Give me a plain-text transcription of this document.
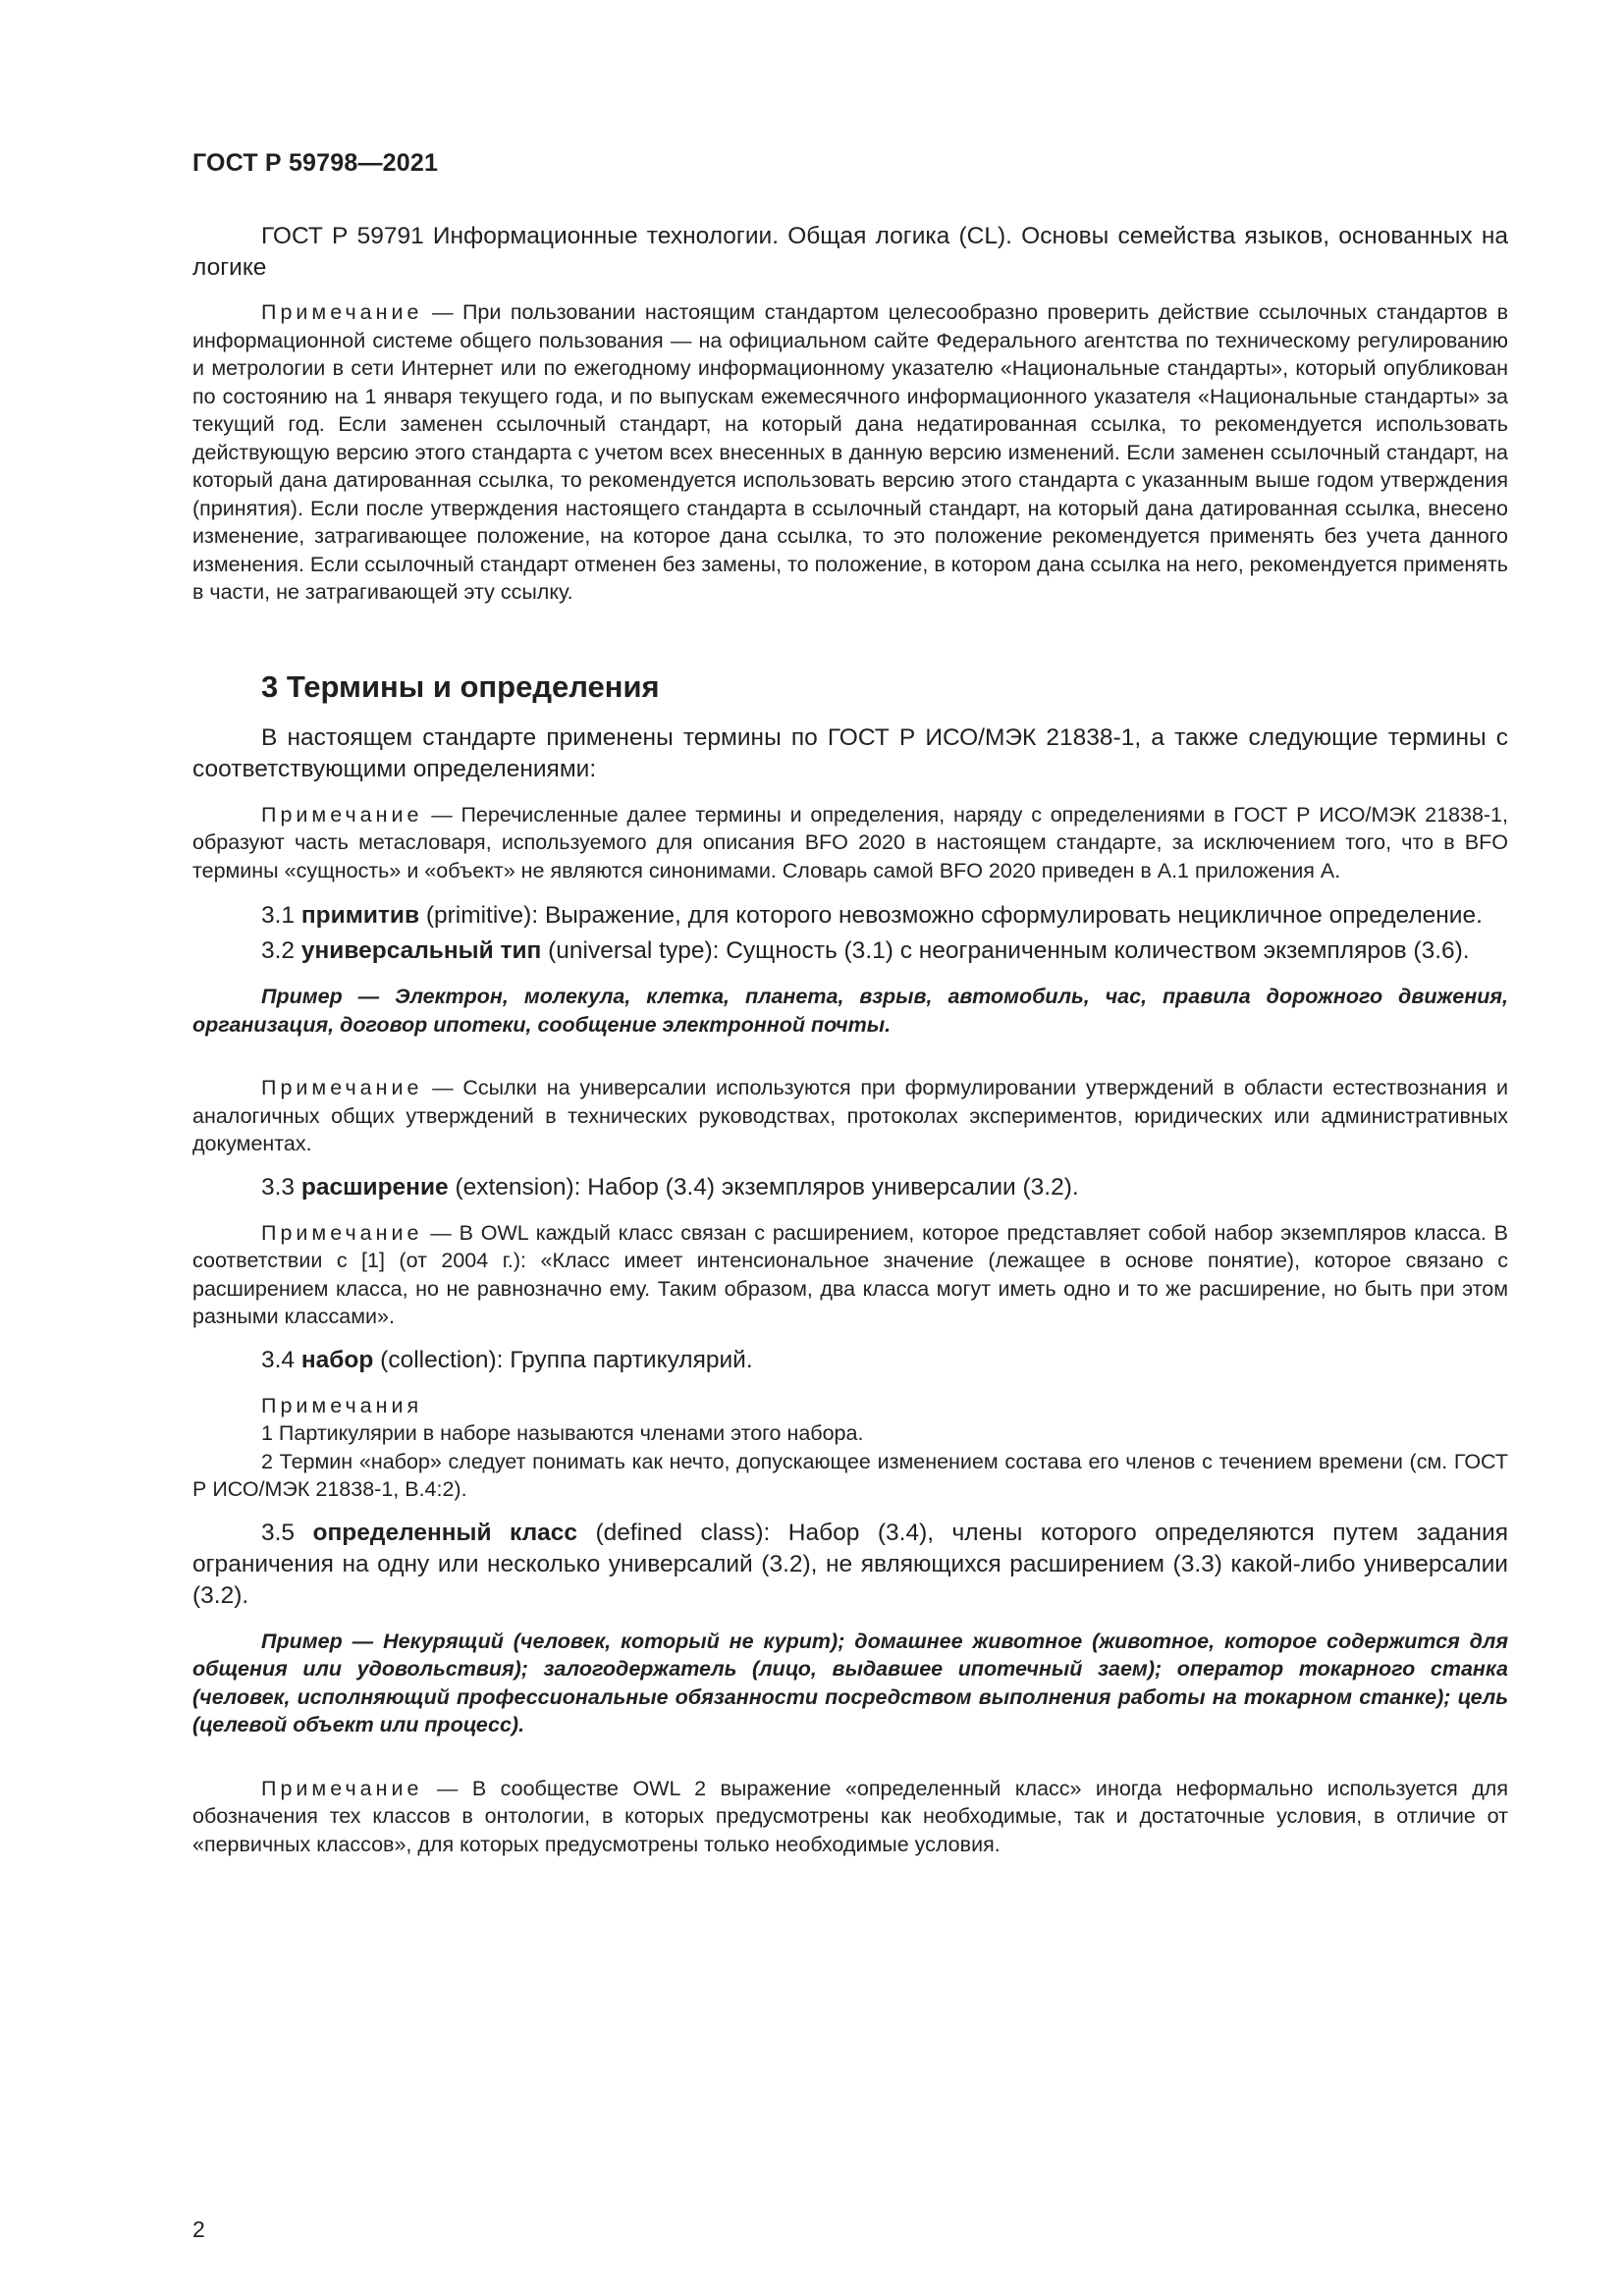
ГОСТ Р 59798—2021

ГОСТ Р 59791 Информационные технологии. Общая логика (CL). Основы семейства языков, основанных на логике

Примечание — При пользовании настоящим стандартом целесообразно проверить действие ссылочных стандартов в информационной системе общего пользования — на официальном сайте Федерального агентства по техническому регулированию и метрологии в сети Интернет или по ежегодному информационному указателю «Национальные стандарты», который опубликован по состоянию на 1 января текущего года, и по выпускам ежемесячного информационного указателя «Национальные стандарты» за текущий год. Если заменен ссылочный стандарт, на который дана недатированная ссылка, то рекомендуется использовать действующую версию этого стандарта с учетом всех внесенных в данную версию изменений. Если заменен ссылочный стандарт, на который дана датированная ссылка, то рекомендуется использовать версию этого стандарта с указанным выше годом утверждения (принятия). Если после утверждения настоящего стандарта в ссылочный стандарт, на который дана датированная ссылка, внесено изменение, затрагивающее положение, на которое дана ссылка, то это положение рекомендуется применять без учета данного изменения. Если ссылочный стандарт отменен без замены, то положение, в котором дана ссылка на него, рекомендуется применять в части, не затрагивающей эту ссылку.

3 Термины и определения

В настоящем стандарте применены термины по ГОСТ Р ИСО/МЭК 21838-1, а также следующие термины с соответствующими определениями:

Примечание — Перечисленные далее термины и определения, наряду с определениями в ГОСТ Р ИСО/МЭК 21838-1, образуют часть метасловаря, используемого для описания BFO 2020 в настоящем стандарте, за исключением того, что в BFO термины «сущность» и «объект» не являются синонимами. Словарь самой BFO 2020 приведен в А.1 приложения А.

3.1 примитив (primitive): Выражение, для которого невозможно сформулировать нецикличное определение.

3.2 универсальный тип (universal type): Сущность (3.1) с неограниченным количеством экземпляров (3.6).

Пример — Электрон, молекула, клетка, планета, взрыв, автомобиль, час, правила дорожного движения, организация, договор ипотеки, сообщение электронной почты.

Примечание — Ссылки на универсалии используются при формулировании утверждений в области естествознания и аналогичных общих утверждений в технических руководствах, протоколах экспериментов, юридических или административных документах.

3.3 расширение (extension): Набор (3.4) экземпляров универсалии (3.2).

Примечание — В OWL каждый класс связан с расширением, которое представляет собой набор экземпляров класса. В соответствии с [1] (от 2004 г.): «Класс имеет интенсиональное значение (лежащее в основе понятие), которое связано с расширением класса, но не равнозначно ему. Таким образом, два класса могут иметь одно и то же расширение, но быть при этом разными классами».

3.4 набор (collection): Группа партикулярий.

Примечания

1 Партикулярии в наборе называются членами этого набора.

2 Термин «набор» следует понимать как нечто, допускающее изменением состава его членов с течением времени (см. ГОСТ Р ИСО/МЭК 21838-1, В.4:2).

3.5 определенный класс (defined class): Набор (3.4), члены которого определяются путем задания ограничения на одну или несколько универсалий (3.2), не являющихся расширением (3.3) какой-либо универсалии (3.2).

Пример — Некурящий (человек, который не курит); домашнее животное (животное, которое содержится для общения или удовольствия); залогодержатель (лицо, выдавшее ипотечный заем); оператор токарного станка (человек, исполняющий профессиональные обязанности посредством выполнения работы на токарном станке); цель (целевой объект или процесс).

Примечание — В сообществе OWL 2 выражение «определенный класс» иногда неформально используется для обозначения тех классов в онтологии, в которых предусмотрены как необходимые, так и достаточные условия, в отличие от «первичных классов», для которых предусмотрены только необходимые условия.

2
